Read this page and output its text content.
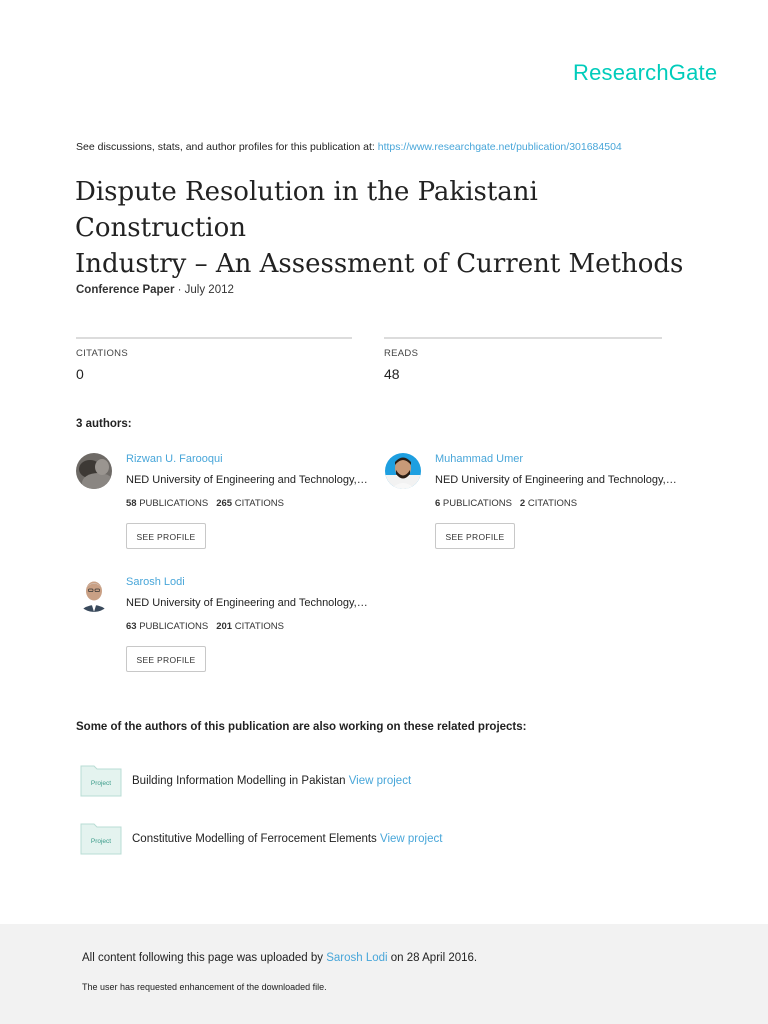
ResearchGate
See discussions, stats, and author profiles for this publication at: https://www.researchgate.net/publication/301684504
Dispute Resolution in the Pakistani Construction
Industry – An Assessment of Current Methods
Conference Paper · July 2012
CITATIONS
0
READS
48
3 authors:
Rizwan U. Farooqui
NED University of Engineering and Technology,…
58 PUBLICATIONS 265 CITATIONS
SEE PROFILE
Muhammad Umer
NED University of Engineering and Technology,…
6 PUBLICATIONS 2 CITATIONS
SEE PROFILE
Sarosh Lodi
NED University of Engineering and Technology,…
63 PUBLICATIONS 201 CITATIONS
SEE PROFILE
Some of the authors of this publication are also working on these related projects:
Project Building Information Modelling in Pakistan View project
Project Constitutive Modelling of Ferrocement Elements View project
All content following this page was uploaded by Sarosh Lodi on 28 April 2016.
The user has requested enhancement of the downloaded file.
